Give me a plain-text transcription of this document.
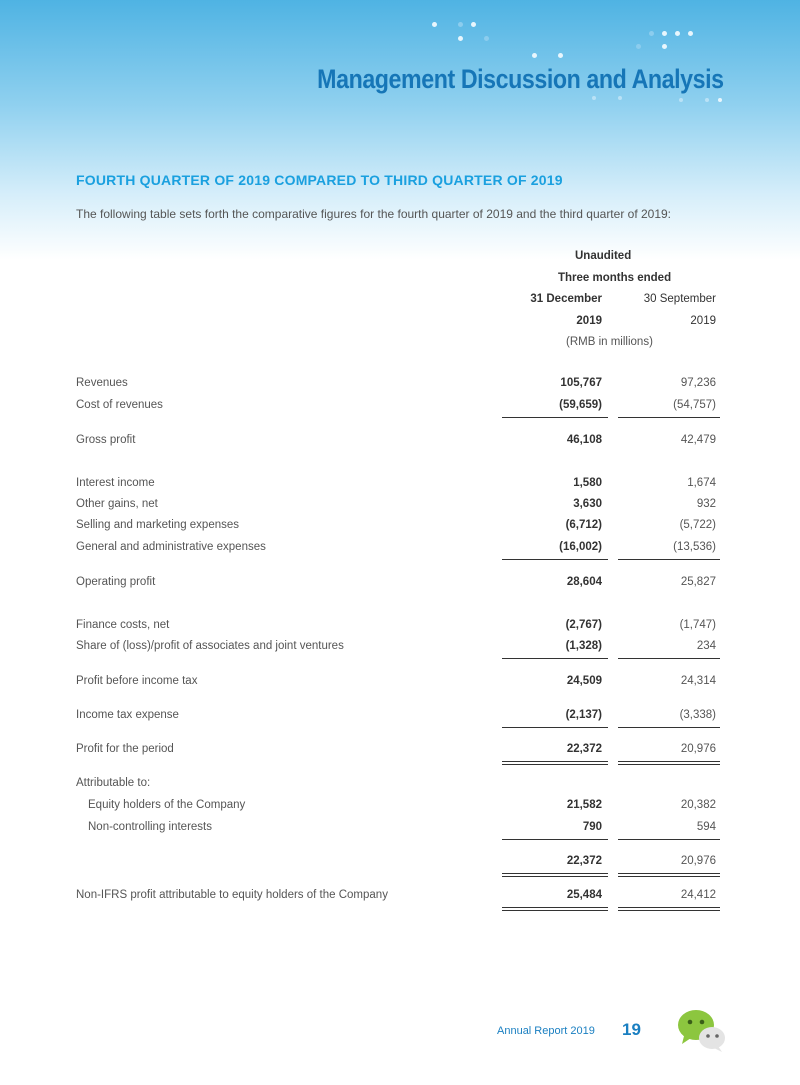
Management Discussion and Analysis
FOURTH QUARTER OF 2019 COMPARED TO THIRD QUARTER OF 2019
The following table sets forth the comparative figures for the fourth quarter of 2019 and the third quarter of 2019:
Unaudited
Three months ended
31 December	30 September
2019	2019
(RMB in millions)
Revenues	105,767	97,236
Cost of revenues	(59,659)	(54,757)
Gross profit	46,108	42,479
Interest income	1,580	1,674
Other gains, net	3,630	932
Selling and marketing expenses	(6,712)	(5,722)
General and administrative expenses	(16,002)	(13,536)
Operating profit	28,604	25,827
Finance costs, net	(2,767)	(1,747)
Share of (loss)/profit of associates and joint ventures	(1,328)	234
Profit before income tax	24,509	24,314
Income tax expense	(2,137)	(3,338)
Profit for the period	22,372	20,976
Attributable to:
Equity holders of the Company	21,582	20,382
Non-controlling interests	790	594
22,372	20,976
Non-IFRS profit attributable to equity holders of the Company	25,484	24,412
Annual Report 2019 19
